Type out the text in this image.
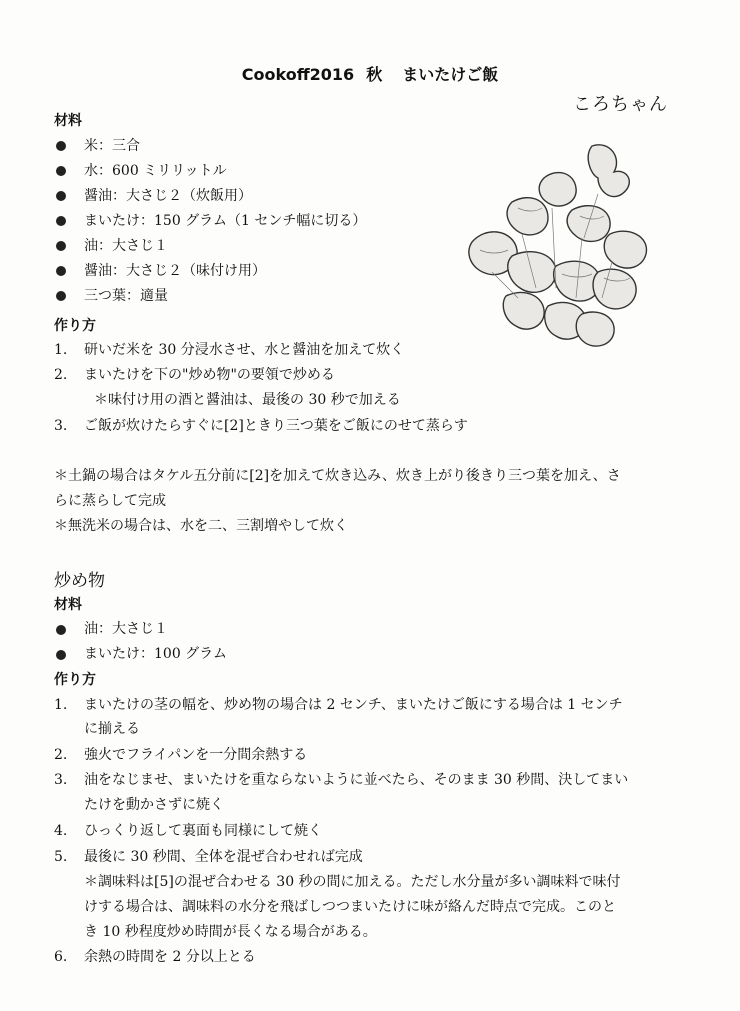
Cookoff2016 秋 まいたけご飯
ころちゃん
材料
米：三合
水：600 ミリリットル
醤油：大さじ２（炊飯用）
まいたけ：150 グラム（1 センチ幅に切る）
油：大さじ１
醤油：大さじ２（味付け用）
三つ葉：適量
作り方
1. 研いだ米を 30 分浸水させ、水と醤油を加えて炊く
2. まいたけを下の"炒め物"の要領で炒める
＊味付け用の酒と醤油は、最後の 30 秒で加える
3. ご飯が炊けたらすぐに[2]ときり三つ葉をご飯にのせて蒸らす
＊土鍋の場合はタケル五分前に[2]を加えて炊き込み、炊き上がり後きり三つ葉を加え、さ
らに蒸らして完成
＊無洗米の場合は、水を二、三割増やして炊く
炒め物
材料
油：大さじ１
まいたけ：100 グラム
作り方
1. まいたけの茎の幅を、炒め物の場合は 2 センチ、まいたけご飯にする場合は 1 センチ
に揃える
2. 強火でフライパンを一分間余熱する
3. 油をなじませ、まいたけを重ならないように並べたら、そのまま 30 秒間、決してまい
たけを動かさずに焼く
4. ひっくり返して裏面も同様にして焼く
5. 最後に 30 秒間、全体を混ぜ合わせれば完成
＊調味料は[5]の混ぜ合わせる 30 秒の間に加える。ただし水分量が多い調味料で味付
けする場合は、調味料の水分を飛ばしつつまいたけに味が絡んだ時点で完成。このと
き 10 秒程度炒め時間が長くなる場合がある。
6. 余熱の時間を 2 分以上とる
